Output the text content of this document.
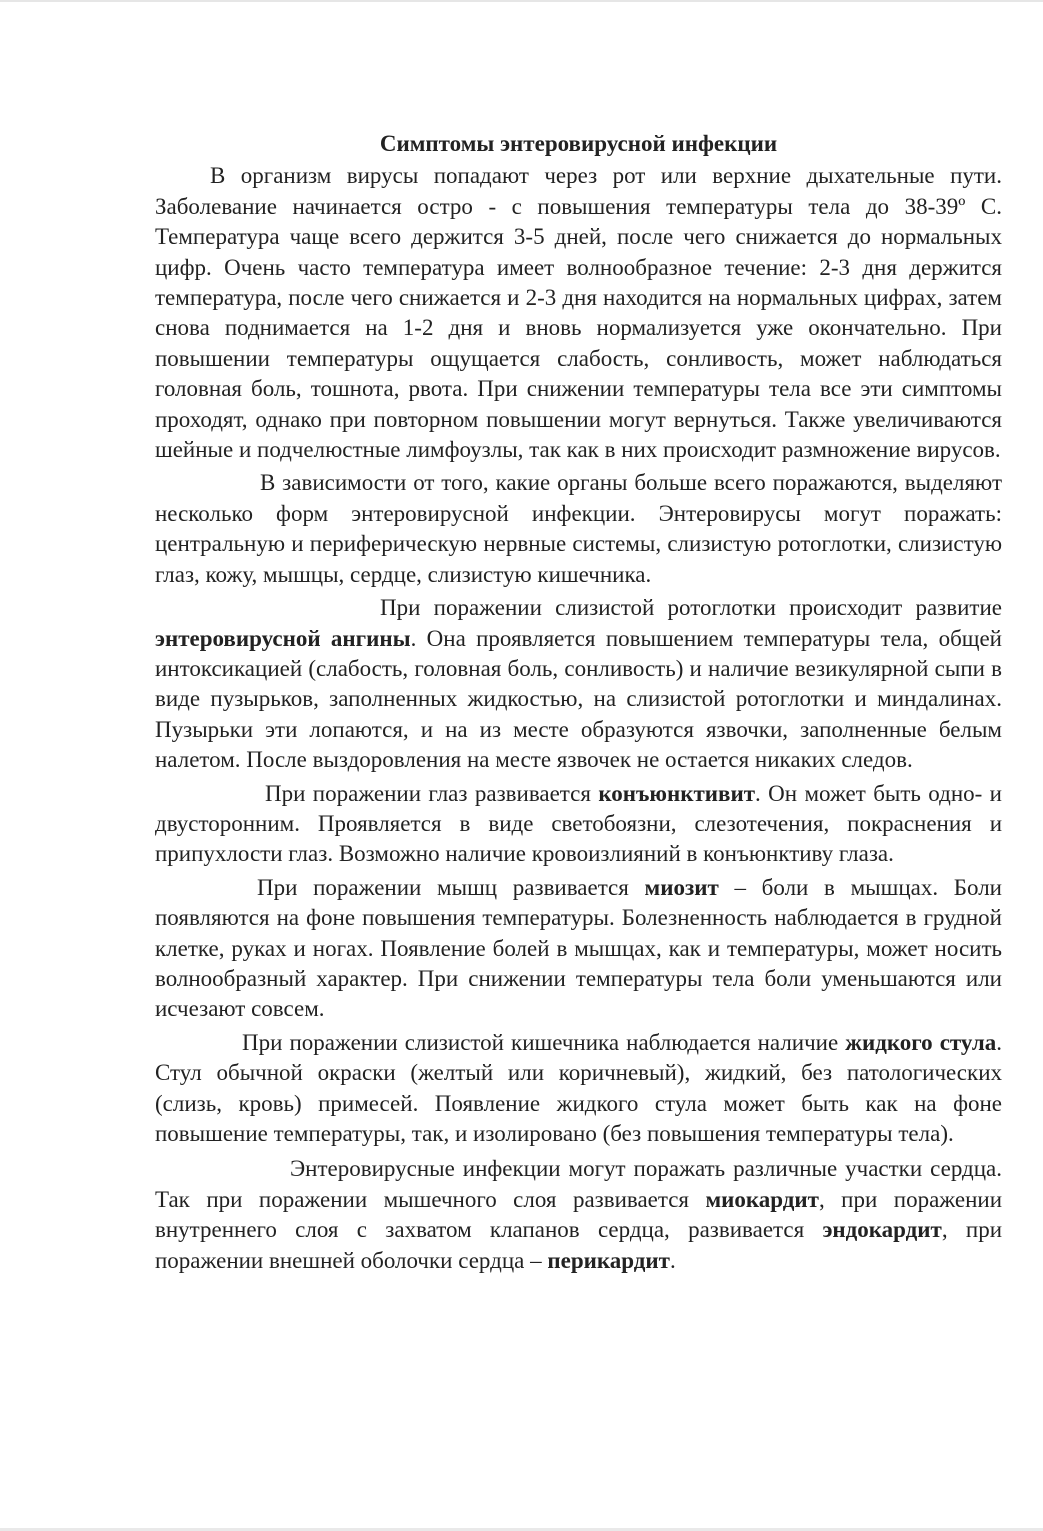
Симптомы энтеровирусной инфекции

В организм вирусы попадают через рот или верхние дыхательные пути. Заболевание начинается остро - с повышения температуры тела до 38-39º С. Температура чаще всего держится 3-5 дней, после чего снижается до нормальных цифр. Очень часто температура имеет волнообразное течение: 2-3 дня держится температура, после чего снижается и 2-3 дня находится на нормальных цифрах, затем снова поднимается на 1-2 дня и вновь нормализуется уже окончательно. При повышении температуры ощущается слабость, сонливость, может наблюдаться головная боль, тошнота, рвота. При снижении температуры тела все эти симптомы проходят, однако при повторном повышении могут вернуться. Также увеличиваются шейные и подчелюстные лимфоузлы, так как в них происходит размножение вирусов.

В зависимости от того, какие органы больше всего поражаются, выделяют несколько форм энтеровирусной инфекции. Энтеровирусы могут поражать: центральную и периферическую нервные системы, слизистую ротоглотки, слизистую глаз, кожу, мышцы, сердце, слизистую кишечника.

При поражении слизистой ротоглотки происходит развитие энтеровирусной ангины. Она проявляется повышением температуры тела, общей интоксикацией (слабость, головная боль, сонливость) и наличие везикулярной сыпи в виде пузырьков, заполненных жидкостью, на слизистой ротоглотки и миндалинах. Пузырьки эти лопаются, и на из месте образуются язвочки, заполненные белым налетом. После выздоровления на месте язвочек не остается никаких следов.

При поражении глаз развивается конъюнктивит. Он может быть одно- и двусторонним. Проявляется в виде светобоязни, слезотечения, покраснения и припухлости глаз. Возможно наличие кровоизлияний в конъюнктиву глаза.

При поражении мышц развивается миозит – боли в мышцах. Боли появляются на фоне повышения температуры. Болезненность наблюдается в грудной клетке, руках и ногах. Появление болей в мышцах, как и температуры, может носить волнообразный характер. При снижении температуры тела боли уменьшаются или исчезают совсем.

При поражении слизистой кишечника наблюдается наличие жидкого стула. Стул обычной окраски (желтый или коричневый), жидкий, без патологических (слизь, кровь) примесей. Появление жидкого стула может быть как на фоне повышение температуры, так, и изолировано (без повышения температуры тела).

Энтеровирусные инфекции могут поражать различные участки сердца. Так при поражении мышечного слоя развивается миокардит, при поражении внутреннего слоя с захватом клапанов сердца, развивается эндокардит, при поражении внешней оболочки сердца – перикардит.
